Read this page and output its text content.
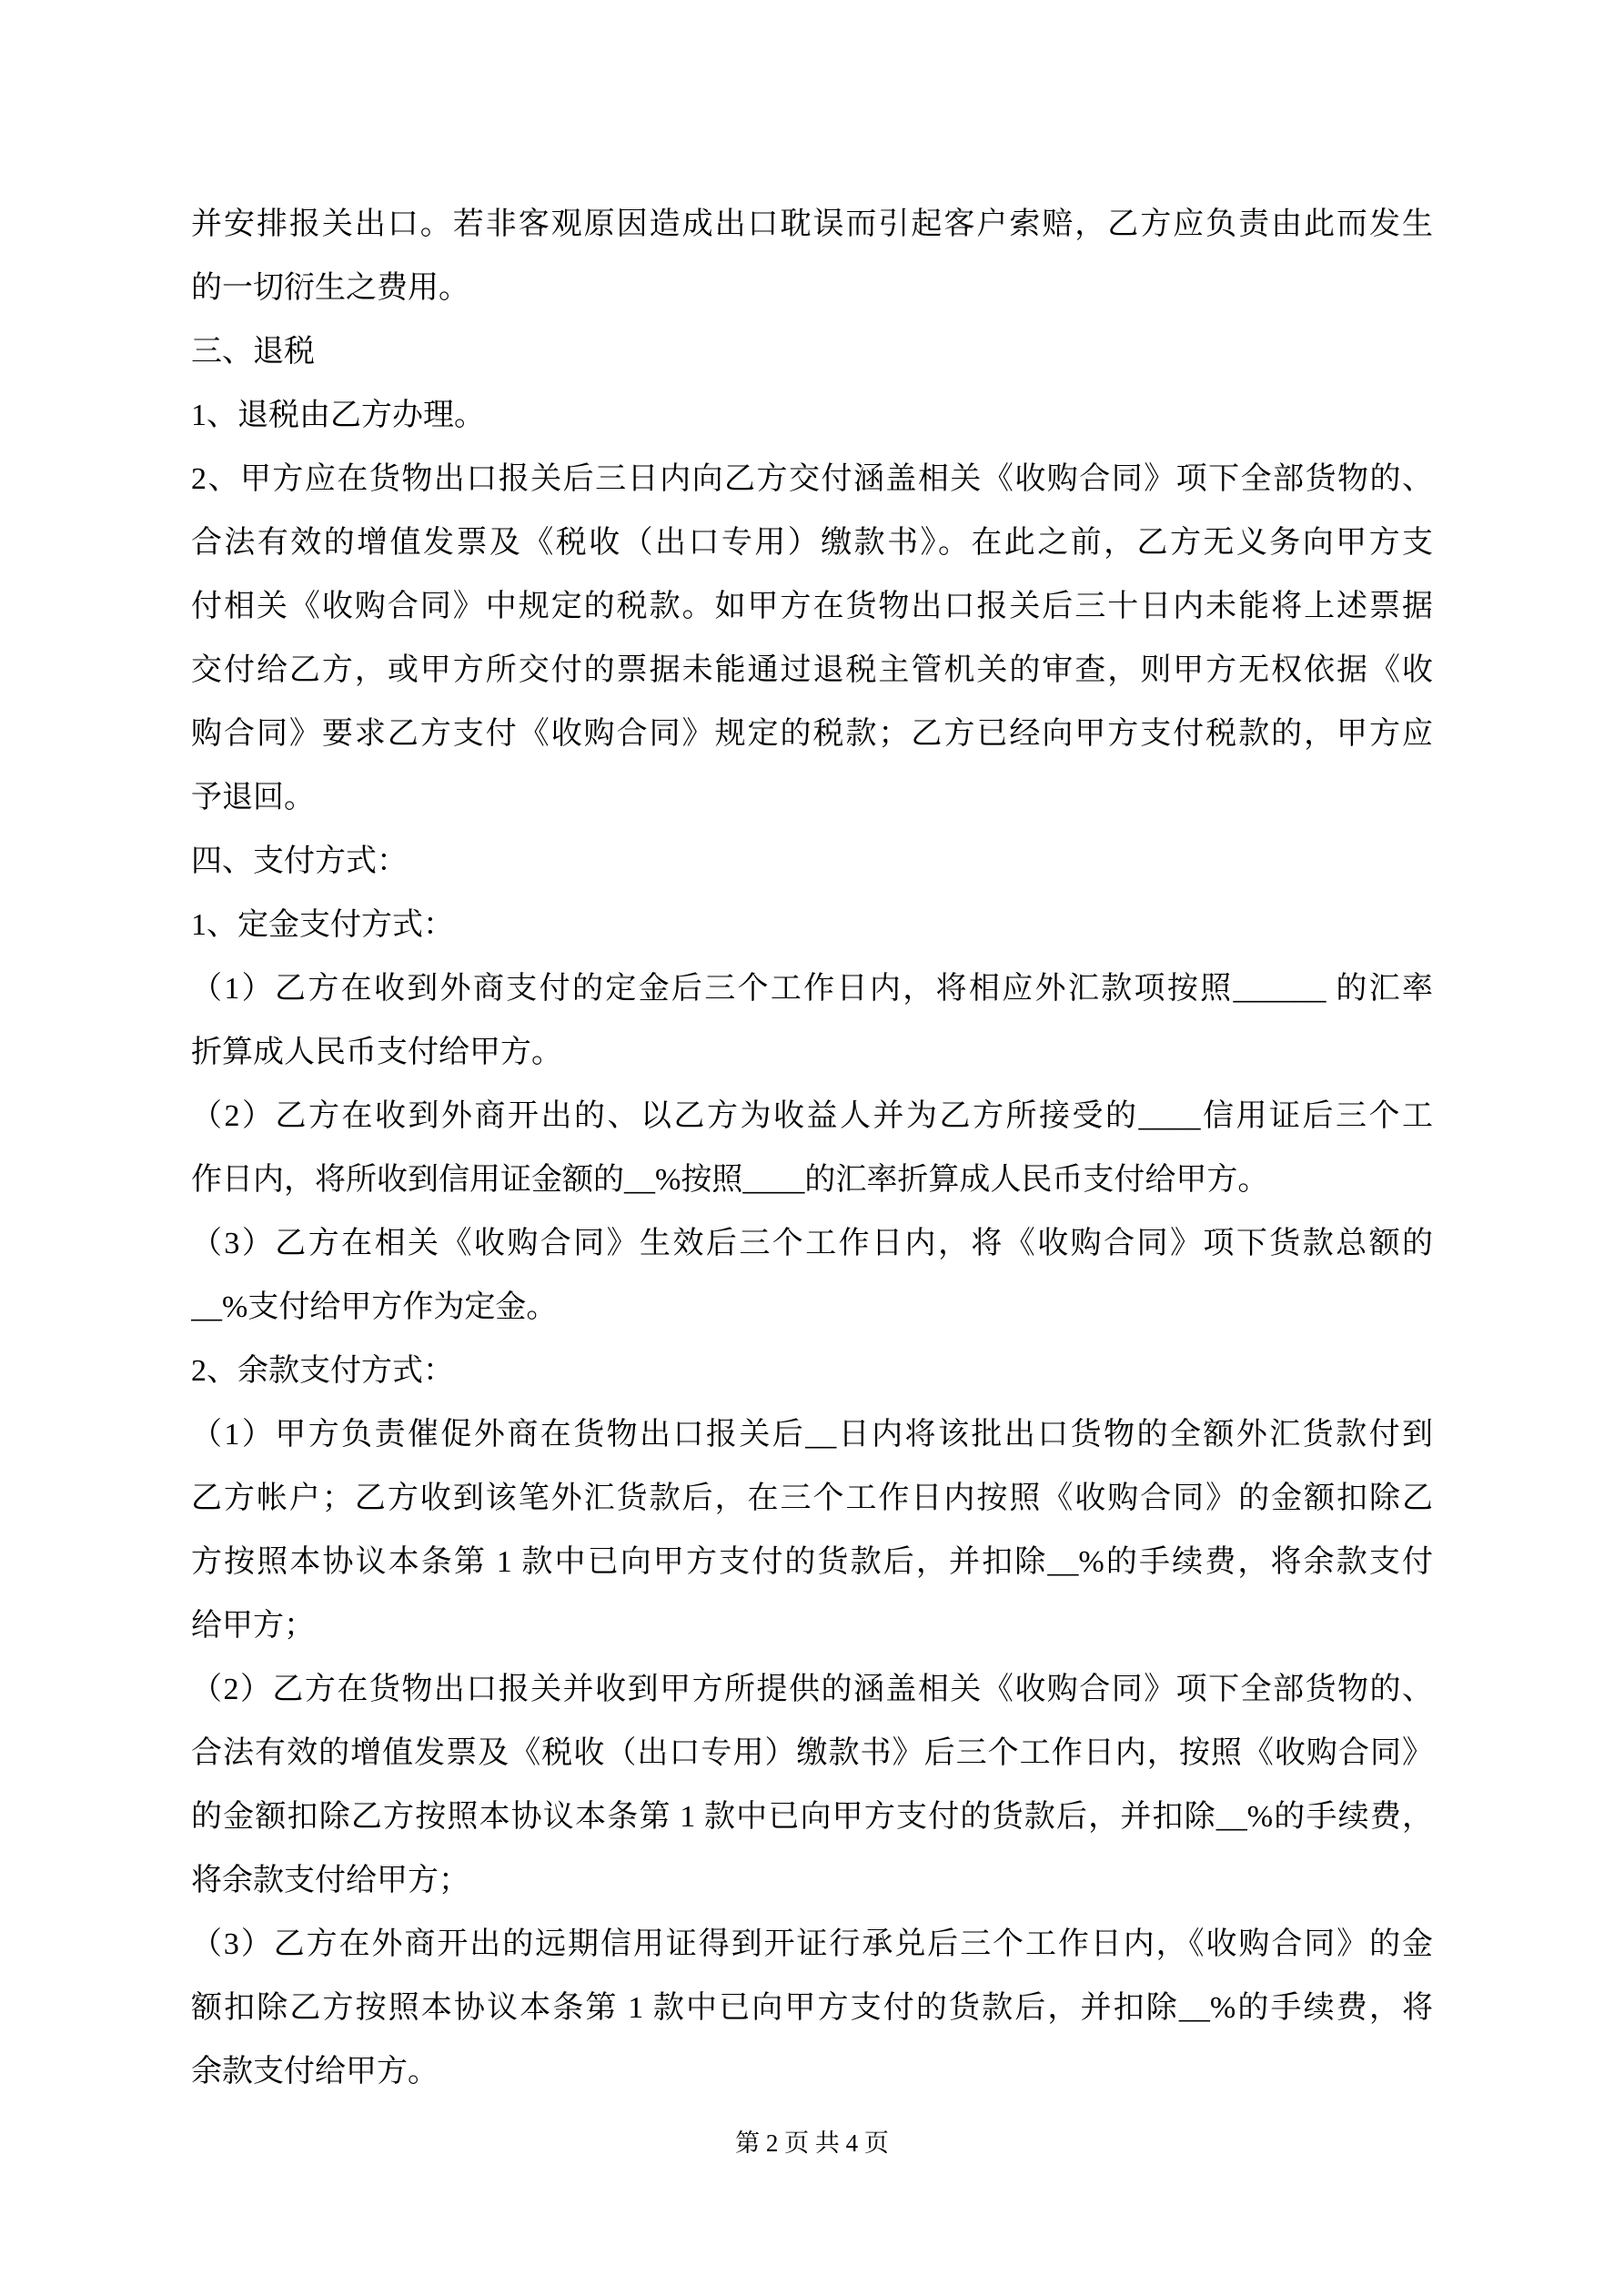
并安排报关出口。若非客观原因造成出口耽误而引起客户索赔，乙方应负责由此而发生
的一切衍生之费用。
三、退税
1、退税由乙方办理。
2、甲方应在货物出口报关后三日内向乙方交付涵盖相关《收购合同》项下全部货物的、
合法有效的增值发票及《税收（出口专用）缴款书》。在此之前，乙方无义务向甲方支
付相关《收购合同》中规定的税款。如甲方在货物出口报关后三十日内未能将上述票据
交付给乙方，或甲方所交付的票据未能通过退税主管机关的审查，则甲方无权依据《收
购合同》要求乙方支付《收购合同》规定的税款；乙方已经向甲方支付税款的，甲方应
予退回。
四、支付方式：
1、定金支付方式：
（1）乙方在收到外商支付的定金后三个工作日内，将相应外汇款项按照______ 的汇率
折算成人民币支付给甲方。
（2）乙方在收到外商开出的、以乙方为收益人并为乙方所接受的____信用证后三个工
作日内，将所收到信用证金额的__%按照____的汇率折算成人民币支付给甲方。
（3）乙方在相关《收购合同》生效后三个工作日内，将《收购合同》项下货款总额的
__%支付给甲方作为定金。
2、余款支付方式：
（1）甲方负责催促外商在货物出口报关后__日内将该批出口货物的全额外汇货款付到
乙方帐户；乙方收到该笔外汇货款后，在三个工作日内按照《收购合同》的金额扣除乙
方按照本协议本条第 1 款中已向甲方支付的货款后，并扣除__%的手续费，将余款支付
给甲方；
（2）乙方在货物出口报关并收到甲方所提供的涵盖相关《收购合同》项下全部货物的、
合法有效的增值发票及《税收（出口专用）缴款书》后三个工作日内，按照《收购合同》
的金额扣除乙方按照本协议本条第 1 款中已向甲方支付的货款后，并扣除__%的手续费，
将余款支付给甲方；
（3）乙方在外商开出的远期信用证得到开证行承兑后三个工作日内，《收购合同》的金
额扣除乙方按照本协议本条第 1 款中已向甲方支付的货款后，并扣除__%的手续费，将
余款支付给甲方。
第 2 页 共 4 页
